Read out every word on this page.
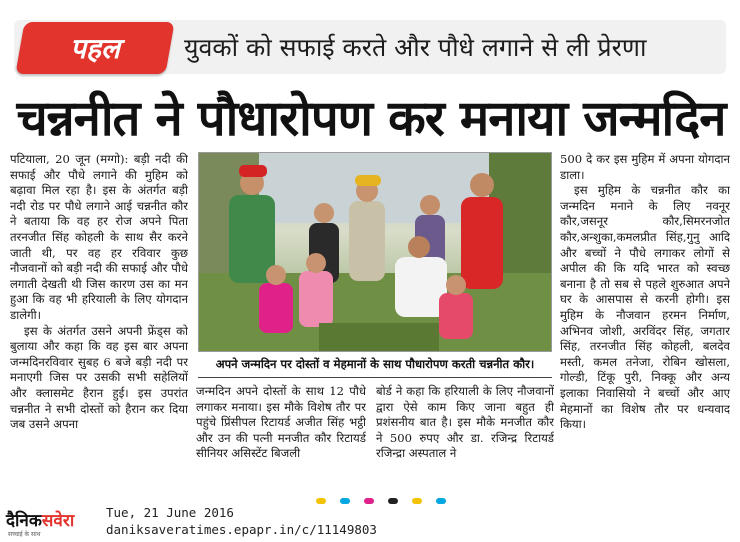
पहल	युवकों को सफाई करते और पौधे लगाने से ली प्रेरणा
चन्ननीत ने पौधारोपण कर मनाया जन्मदिन

पटियाला, 20 जून (मग्गो): बड़ी नदी की सफाई और पौधे लगाने की मुहिम को बढ़ावा मिल रहा है। इस के अंतर्गत बड़ी नदी रोड पर पौधे लगाने आई चन्ननीत कौर ने बताया कि वह हर रोज अपने पिता तरनजीत सिंह कोहली के साथ सैर करने जाती थी, पर वह हर रविवार कुछ नौजवानों को बड़ी नदी की सफाई और पौधे लगाती देखती थी जिस कारण उस का मन हुआ कि वह भी हरियाली के लिए योगदान डालेगी।

इस के अंतर्गत उसने अपनी फ्रेंड्स को बुलाया और कहा कि वह इस बार अपना जन्मदिनरविवार सुबह 6 बजे बड़ी नदी पर मनाएगी जिस पर उसकी सभी सहेलियों और क्लासमेट हैरान हुई। इस उपरांत चन्ननीत ने सभी दोस्तों को हैरान कर दिया जब उसने अपना

अपने जन्मदिन पर दोस्तों व मेहमानों के साथ पौधारोपण करती चन्ननीत कौर।

जन्मदिन अपने दोस्तों के साथ 12 पौधे लगाकर मनाया। इस मौके विशेष तौर पर पहुंचे प्रिंसीपल रिटायर्ड अजीत सिंह भट्ठी और उन की पत्नी मनजीत कौर रिटायर्ड सीनियर असिस्टेंट बिजली

बोर्ड ने कहा कि हरियाली के लिए नौजवानों द्वारा ऐसे काम किए जाना बहुत ही प्रशंसनीय बात है। इस मौके मनजीत कौर ने 500 रुपए और डा. रजिन्द्र रिटायर्ड रजिन्द्रा अस्पताल ने

500 दे कर इस मुहिम में अपना योगदान डाला।

इस मुहिम के चन्ननीत कौर का जन्मदिन मनाने के लिए नवनूर कौर,जसनूर कौर,सिमरनजोत कौर,अन्शुका,कमलप्रीत सिंह,गुनु आदि और बच्चों ने पौधे लगाकर लोगों से अपील की कि यदि भारत को स्वच्छ बनाना है तो सब से पहले शुरुआत अपने घर के आसपास से करनी होगी। इस मुहिम के नौजवान हरमन निर्माण, अभिनव जोशी, अरविंदर सिंह, जगतार सिंह, तरनजीत सिंह कोहली, बलदेव मस्ती, कमल तनेजा, रोबिन खोसला, गोल्डी, टिंकू पुरी, निक्कू और अन्य इलाका निवासियो ने बच्चों और आए मेहमानों का विशेष तौर पर धन्यवाद किया।

दैनिकसवेरा
सच्चाई के साथ
Tue, 21 June 2016
daniksaveratimes.epapr.in/c/11149803
